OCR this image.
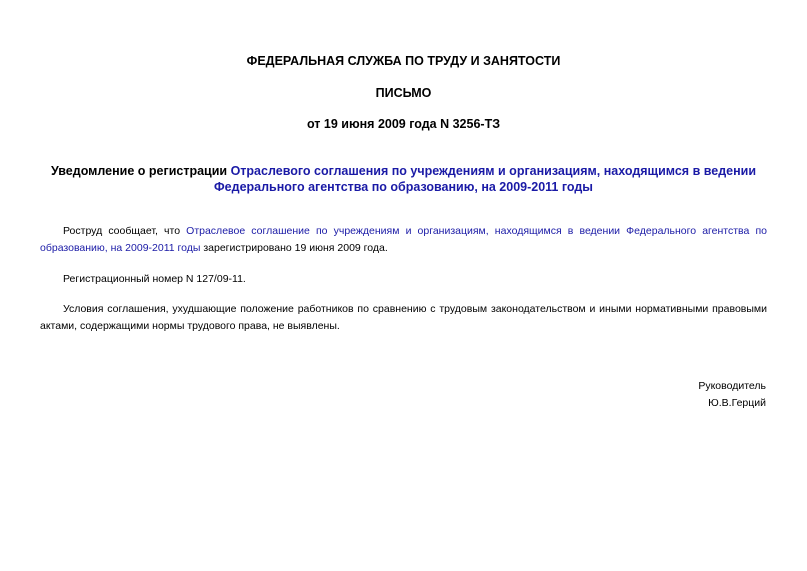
ФЕДЕРАЛЬНАЯ СЛУЖБА ПО ТРУДУ И ЗАНЯТОСТИ
ПИСЬМО
от 19 июня 2009 года N 3256-ТЗ
Уведомление о регистрации Отраслевого соглашения по учреждениям и организациям, находящимся в ведении Федерального агентства по образованию, на 2009-2011 годы
Роструд сообщает, что Отраслевое соглашение по учреждениям и организациям, находящимся в ведении Федерального агентства по образованию, на 2009-2011 годы зарегистрировано 19 июня 2009 года.
Регистрационный номер N 127/09-11.
Условия соглашения, ухудшающие положение работников по сравнению с трудовым законодательством и иными нормативными правовыми актами, содержащими нормы трудового права, не выявлены.
Руководитель
Ю.В.Герций
